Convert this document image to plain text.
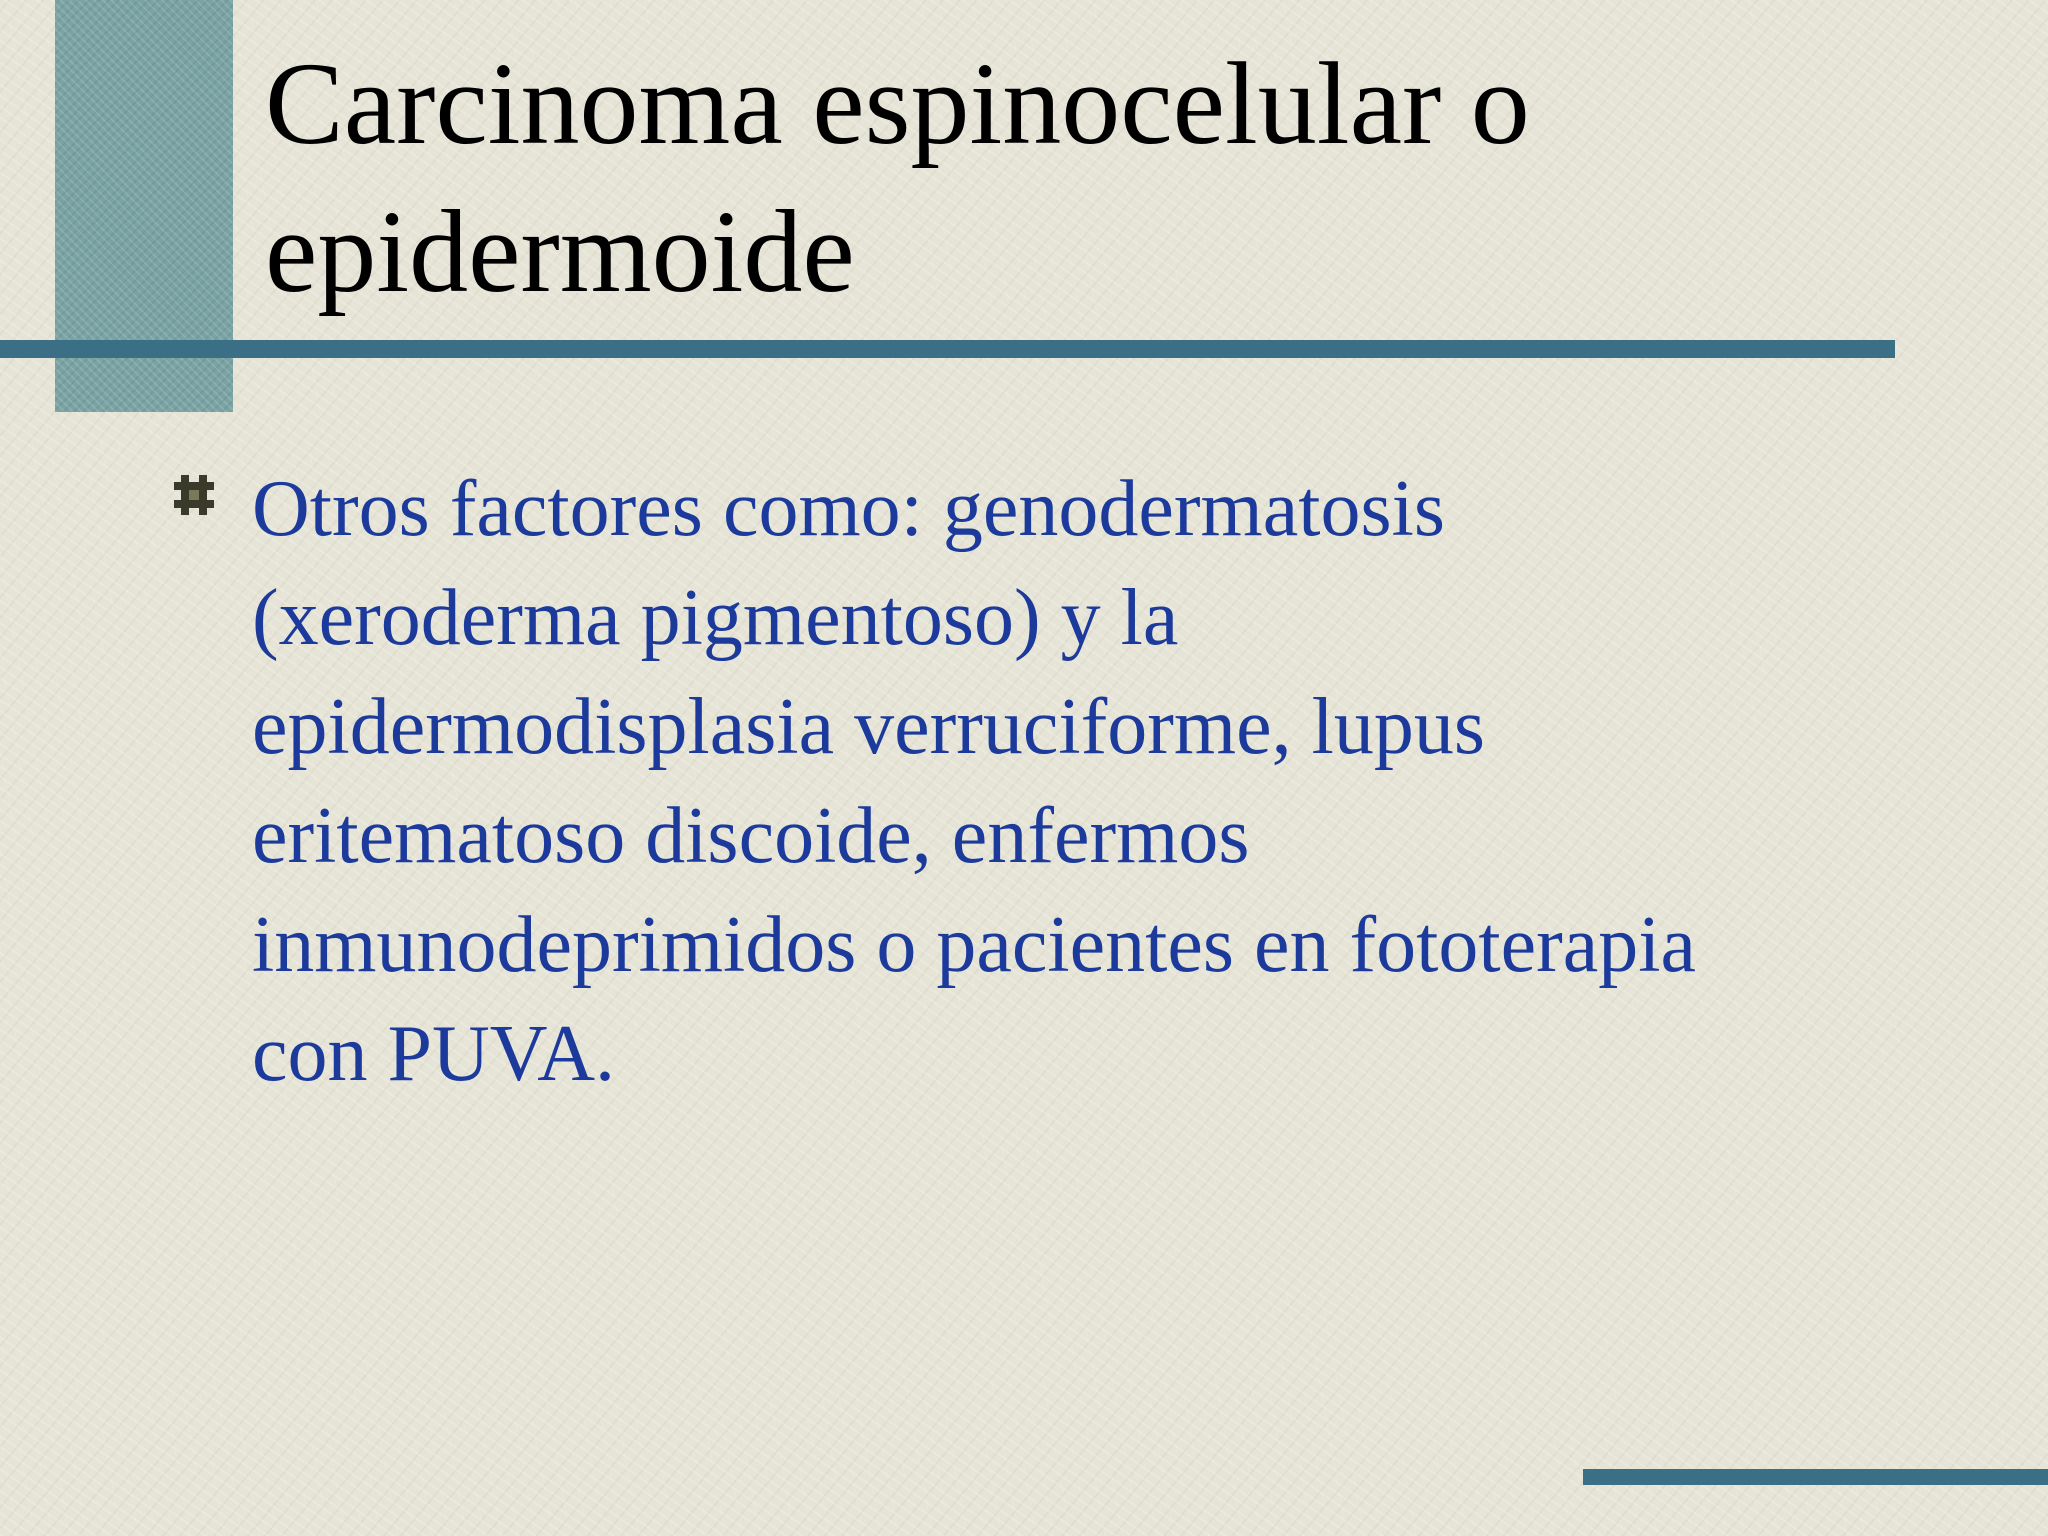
Carcinoma espinocelular o epidermoide
Otros factores como: genodermatosis (xeroderma pigmentoso) y la epidermodisplasia verruciforme, lupus eritematoso discoide, enfermos inmunodeprimidos o pacientes en fototerapia con PUVA.
